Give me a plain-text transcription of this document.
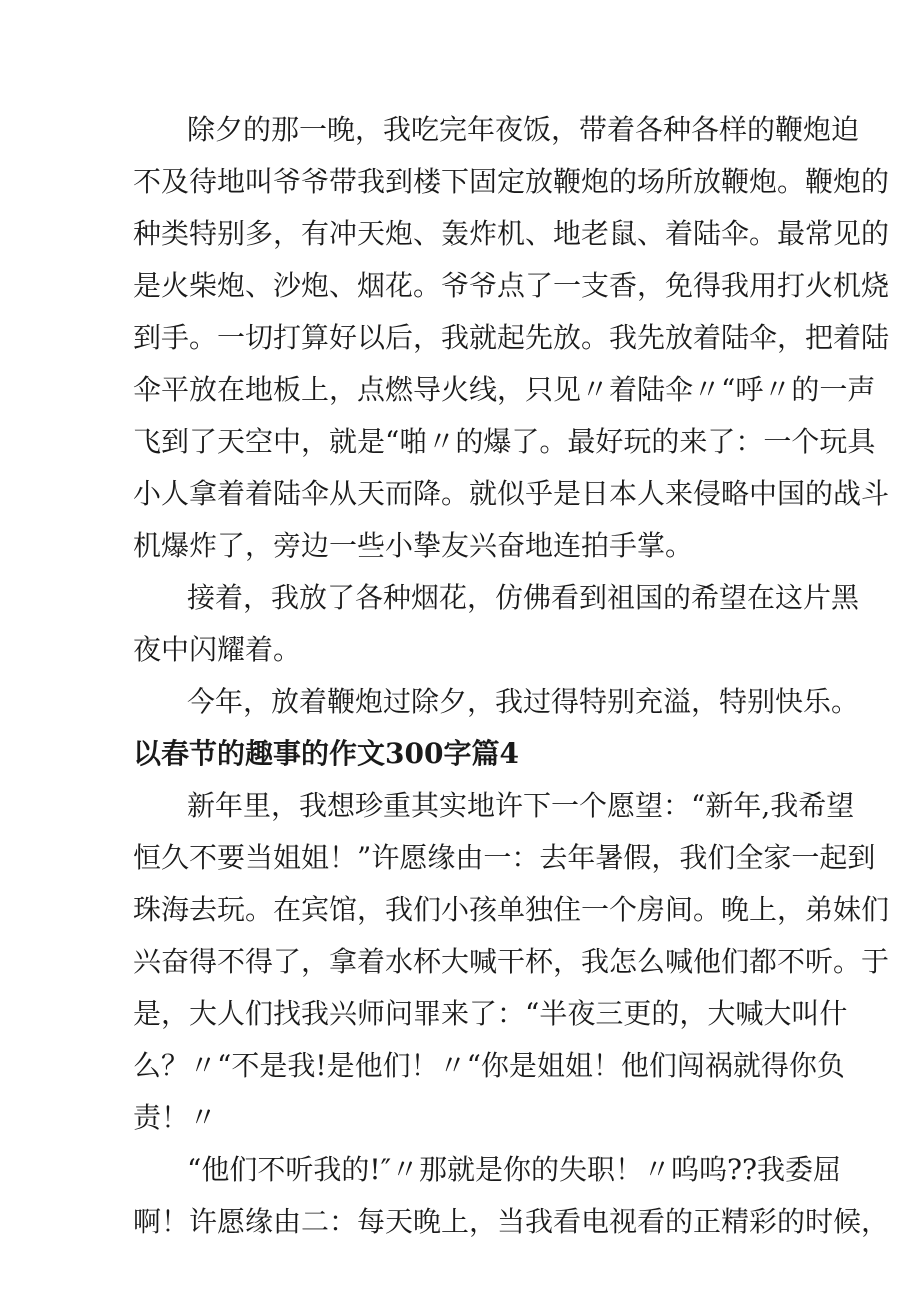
除夕的那一晚，我吃完年夜饭，带着各种各样的鞭炮迫
不及待地叫爷爷带我到楼下固定放鞭炮的场所放鞭炮。鞭炮的
种类特别多，有冲天炮、轰炸机、地老鼠、着陆伞。最常见的
是火柴炮、沙炮、烟花。爷爷点了一支香，免得我用打火机烧
到手。一切打算好以后，我就起先放。我先放着陆伞，把着陆
伞平放在地板上，点燃导火线，只见〃着陆伞〃“呼〃的一声
飞到了天空中，就是“啪〃的爆了。最好玩的来了：一个玩具
小人拿着着陆伞从天而降。就似乎是日本人来侵略中国的战斗
机爆炸了，旁边一些小挚友兴奋地连拍手掌。
接着，我放了各种烟花，仿佛看到祖国的希望在这片黑
夜中闪耀着。
今年，放着鞭炮过除夕，我过得特别充溢，特别快乐。
以春节的趣事的作文300字篇4
新年里，我想珍重其实地许下一个愿望：“新年,我希望
恒久不要当姐姐！”许愿缘由一：去年暑假，我们全家一起到
珠海去玩。在宾馆，我们小孩单独住一个房间。晚上，弟妹们
兴奋得不得了，拿着水杯大喊干杯，我怎么喊他们都不听。于
是，大人们找我兴师问罪来了：“半夜三更的，大喊大叫什
么？〃“不是我!是他们！〃“你是姐姐！他们闯祸就得你负
责！〃
“他们不听我的!″〃那就是你的失职！〃呜呜??我委屈
啊！许愿缘由二：每天晚上，当我看电视看的正精彩的时候，
